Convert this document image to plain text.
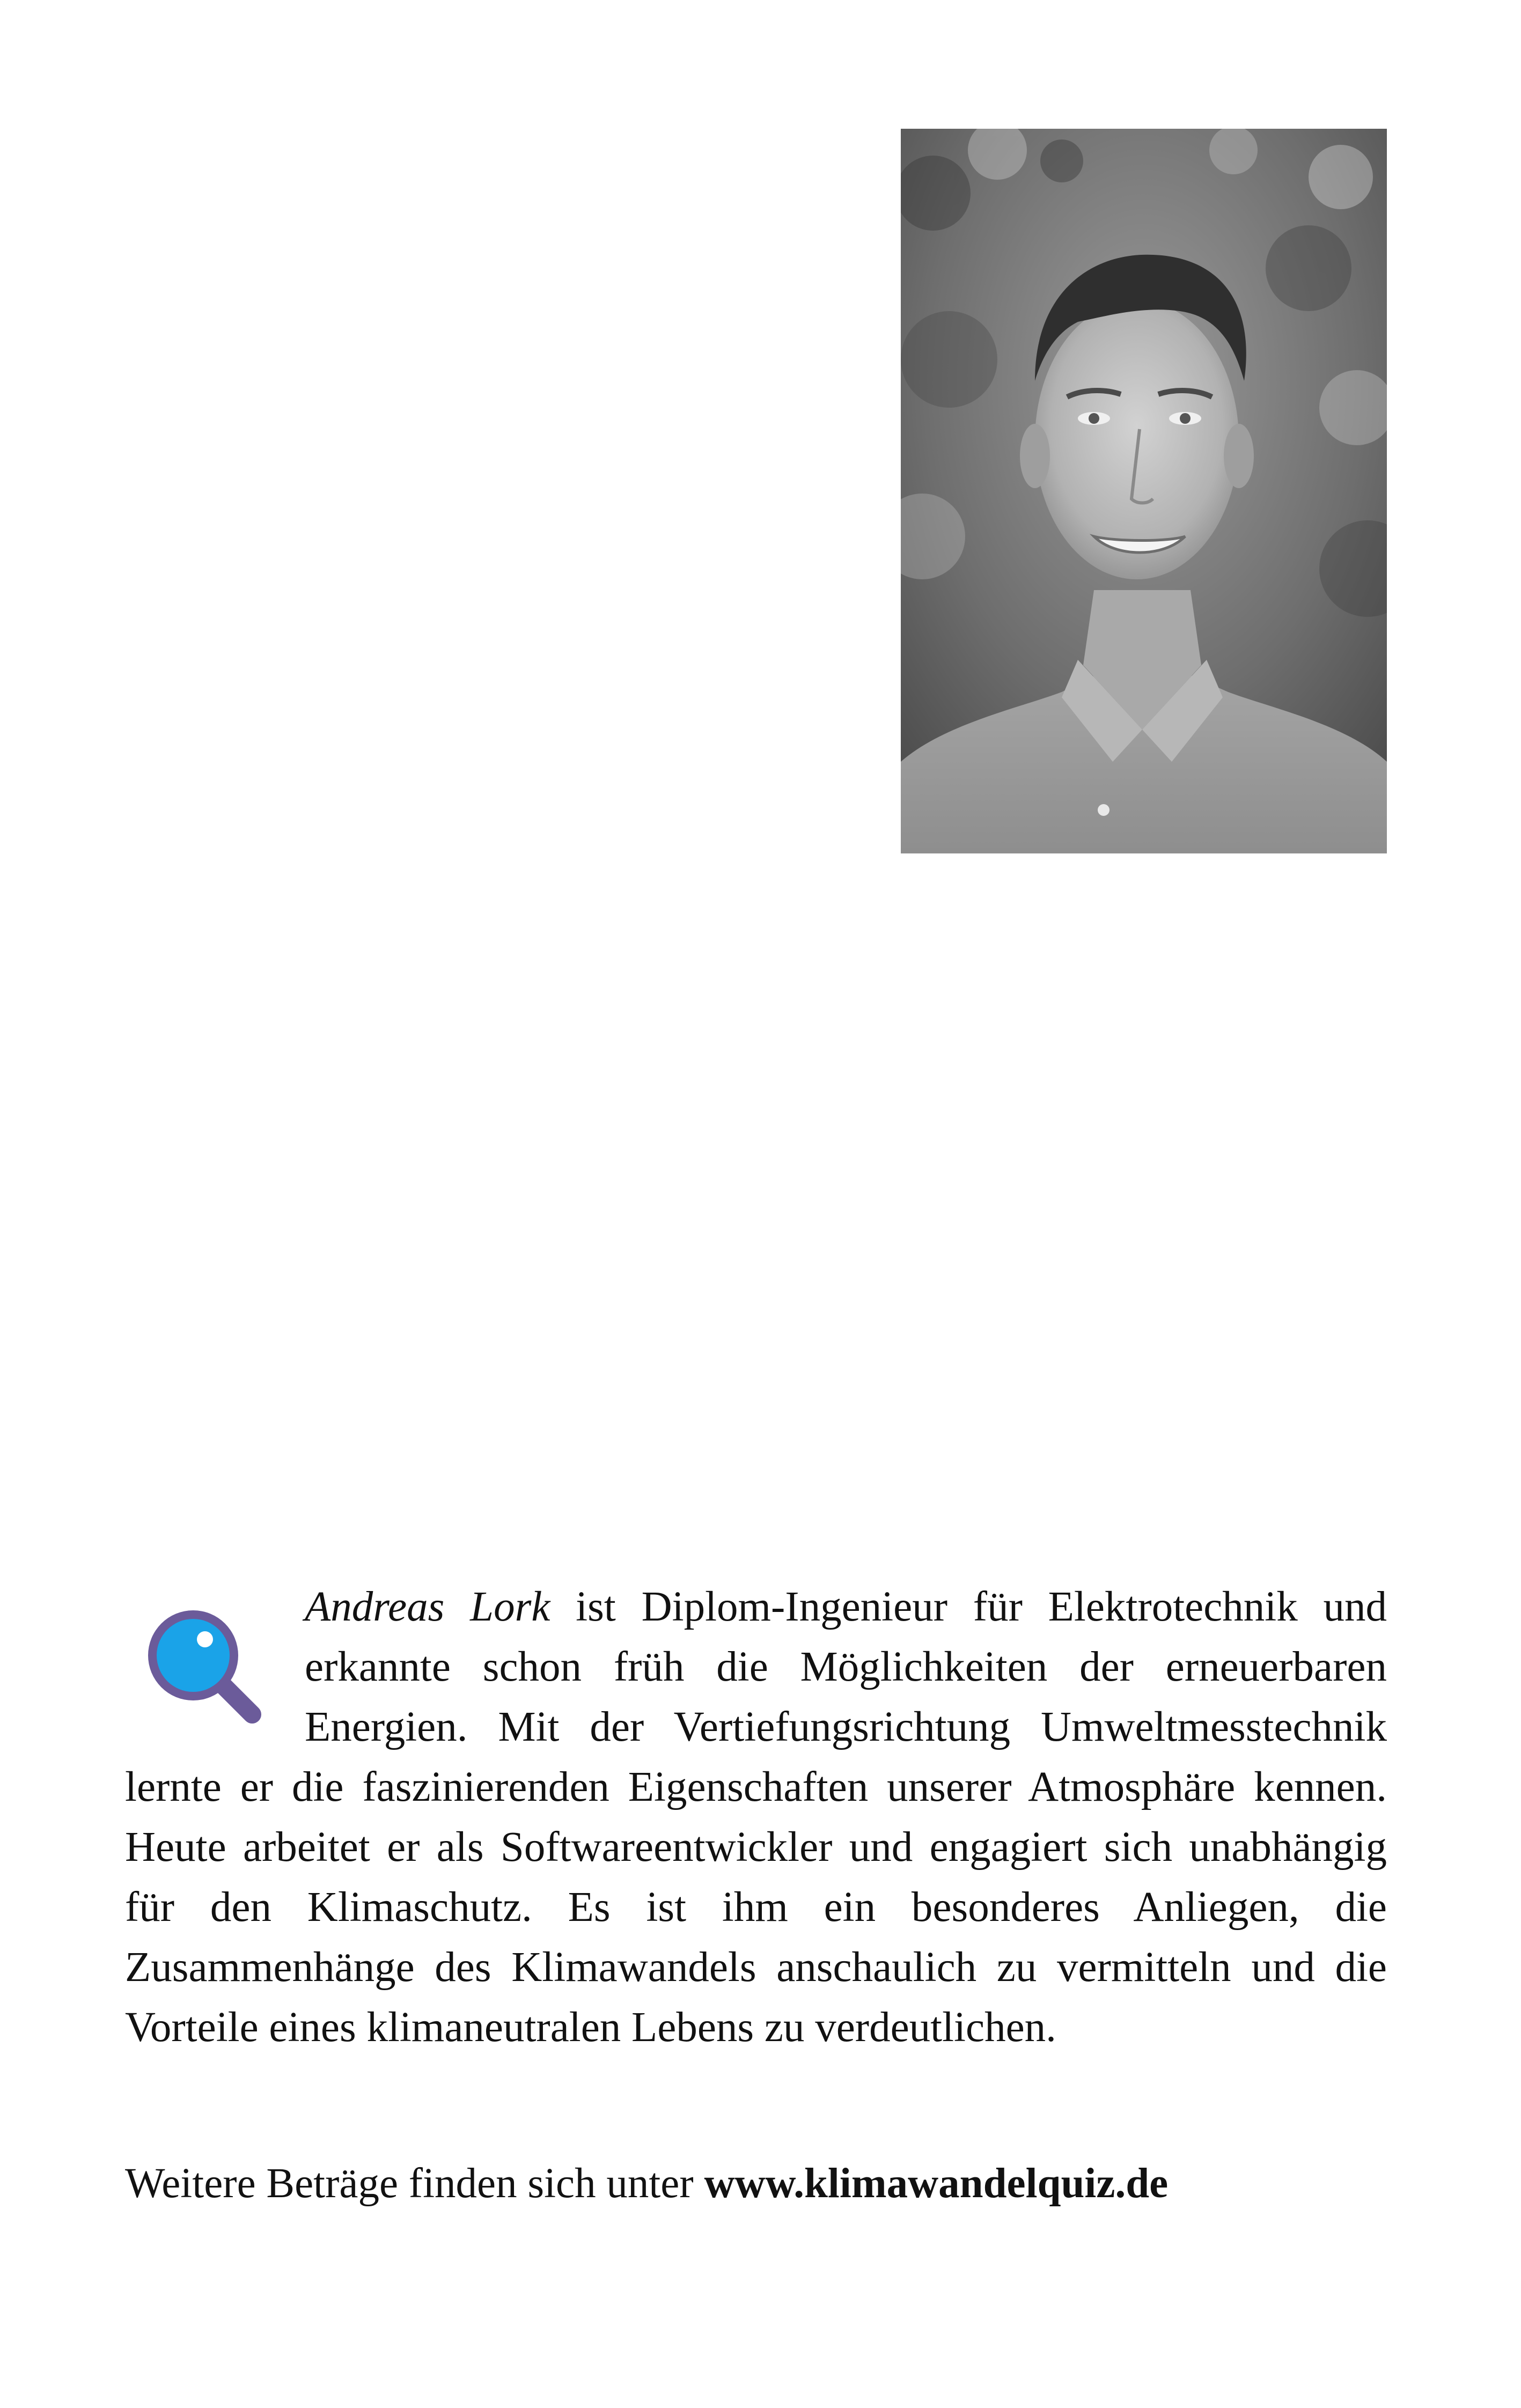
Andreas Lork ist Diplom-Ingenieur für Elektrotechnik und erkannte schon früh die Möglichkeiten der erneuerbaren Energien. Mit der Vertiefungsrichtung Umweltmesstechnik lernte er die faszinierenden Eigenschaften unserer Atmosphäre kennen. Heute arbeitet er als Softwareentwickler und engagiert sich unabhängig für den Klimaschutz. Es ist ihm ein besonderes Anliegen, die Zusammenhänge des Klimawandels anschaulich zu vermitteln und die Vorteile eines klimaneutralen Lebens zu verdeutlichen.

Weitere Beträge finden sich unter www.klimawandelquiz.de
